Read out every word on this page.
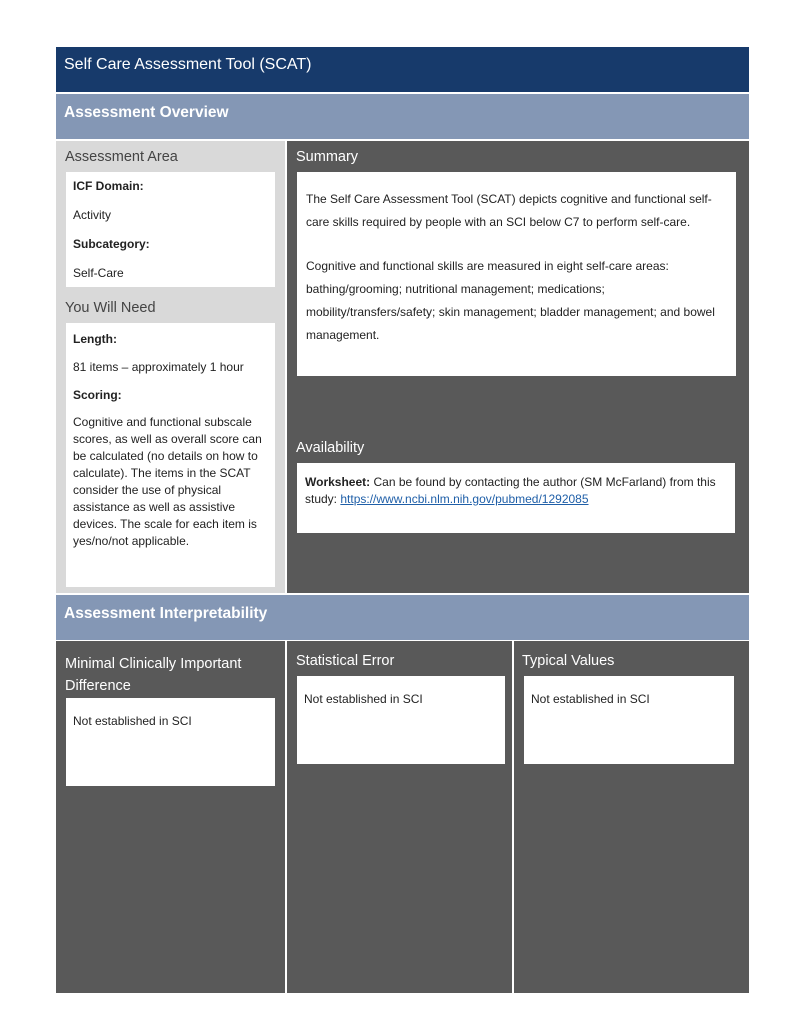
Self Care Assessment Tool (SCAT)
Assessment Overview
Assessment Area

ICF Domain:

Activity

Subcategory:

Self-Care

You Will Need

Length:

81 items – approximately 1 hour

Scoring:

Cognitive and functional subscale scores, as well as overall score can be calculated (no details on how to calculate). The items in the SCAT consider the use of physical assistance as well as assistive devices. The scale for each item is yes/no/not applicable.

Summary

The Self Care Assessment Tool (SCAT) depicts cognitive and functional self-care skills required by people with an SCI below C7 to perform self-care.

Cognitive and functional skills are measured in eight self-care areas: bathing/grooming; nutritional management; medications; mobility/transfers/safety; skin management; bladder management; and bowel management.

Availability
Worksheet: Can be found by contacting the author (SM McFarland) from this study: https://www.ncbi.nlm.nih.gov/pubmed/1292085
Assessment Interpretability
Minimal Clinically Important Difference
Not established in SCI
Statistical Error
Not established in SCI
Typical Values
Not established in SCI
